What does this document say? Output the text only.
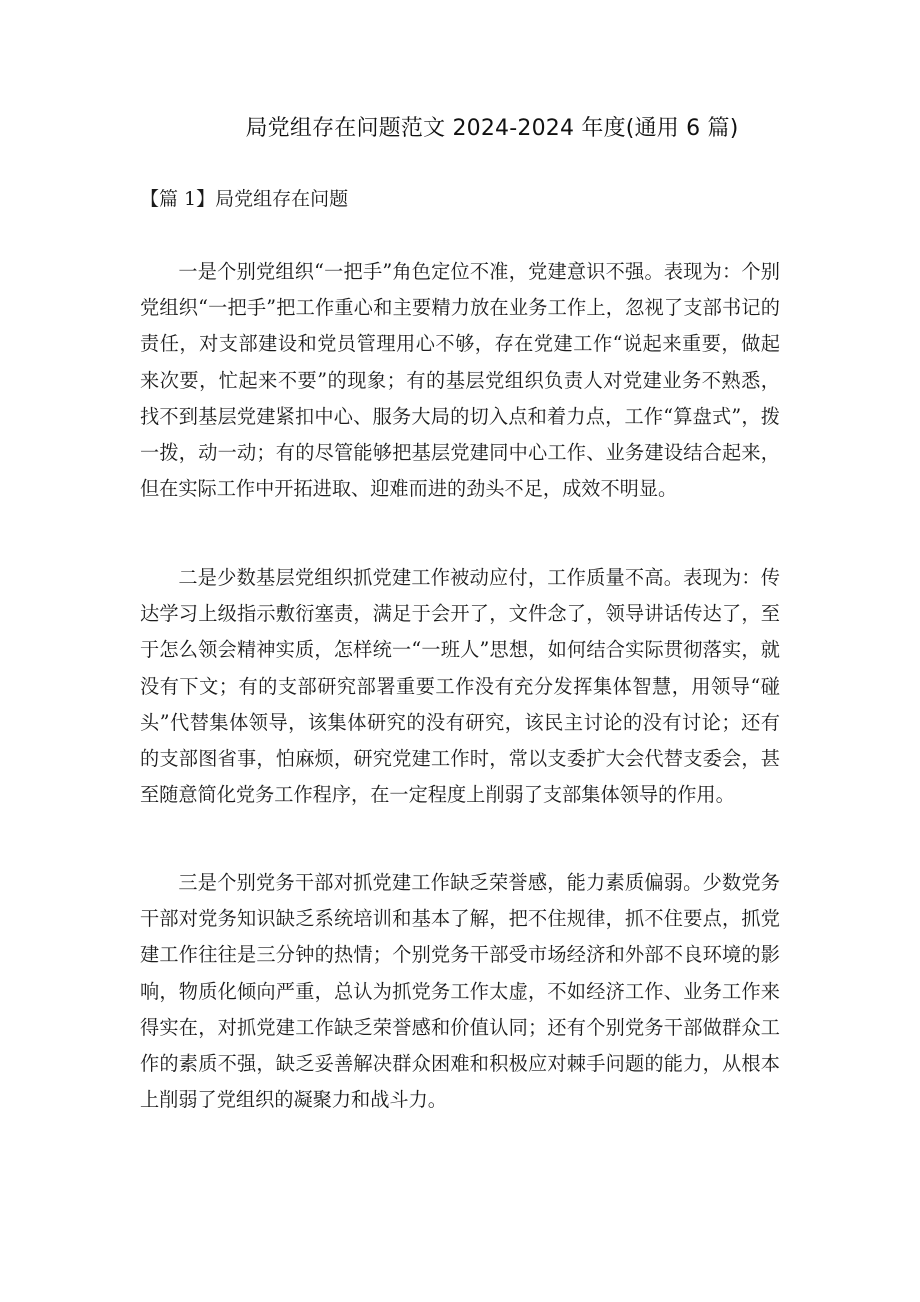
局党组存在问题范文 2024-2024 年度(通用 6 篇)
【篇 1】局党组存在问题

一是个别党组织“一把手”角色定位不准，党建意识不强。表现为：个别党组织“一把手”把工作重心和主要精力放在业务工作上，忽视了支部书记的责任，对支部建设和党员管理用心不够，存在党建工作“说起来重要，做起来次要，忙起来不要”的现象；有的基层党组织负责人对党建业务不熟悉，找不到基层党建紧扣中心、服务大局的切入点和着力点，工作“算盘式”，拨一拨，动一动；有的尽管能够把基层党建同中心工作、业务建设结合起来，但在实际工作中开拓进取、迎难而进的劲头不足，成效不明显。

二是少数基层党组织抓党建工作被动应付，工作质量不高。表现为：传达学习上级指示敷衍塞责，满足于会开了，文件念了，领导讲话传达了，至于怎么领会精神实质，怎样统一“一班人”思想，如何结合实际贯彻落实，就没有下文；有的支部研究部署重要工作没有充分发挥集体智慧，用领导“碰头”代替集体领导，该集体研究的没有研究，该民主讨论的没有讨论；还有的支部图省事，怕麻烦，研究党建工作时，常以支委扩大会代替支委会，甚至随意简化党务工作程序，在一定程度上削弱了支部集体领导的作用。

三是个别党务干部对抓党建工作缺乏荣誉感，能力素质偏弱。少数党务干部对党务知识缺乏系统培训和基本了解，把不住规律，抓不住要点，抓党建工作往往是三分钟的热情；个别党务干部受市场经济和外部不良环境的影响，物质化倾向严重，总认为抓党务工作太虚，不如经济工作、业务工作来得实在，对抓党建工作缺乏荣誉感和价值认同；还有个别党务干部做群众工作的素质不强，缺乏妥善解决群众困难和积极应对棘手问题的能力，从根本上削弱了党组织的凝聚力和战斗力。
